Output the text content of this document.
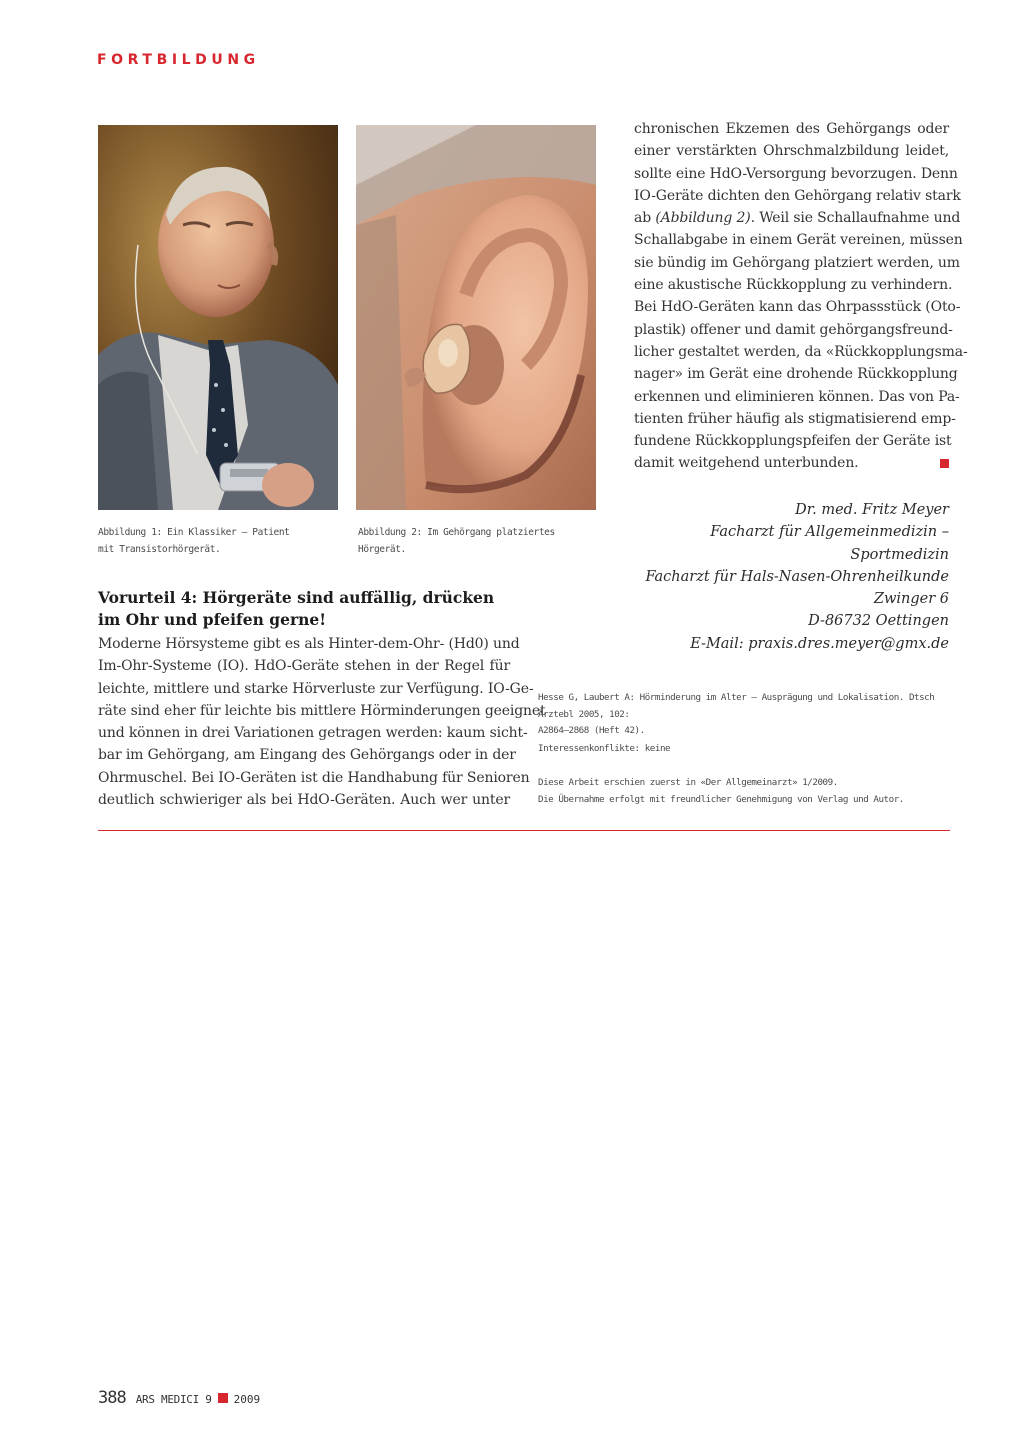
FORTBILDUNG
Abbildung 1: Ein Klassiker – Patient mit Transistorhörgerät.
Abbildung 2: Im Gehörgang platziertes Hörgerät.
Vorurteil 4: Hörgeräte sind auffällig, drücken im Ohr und pfeifen gerne!
Moderne Hörsysteme gibt es als Hinter-dem-Ohr- (Hd0) und
Im-Ohr-Systeme (IO). HdO-Geräte stehen in der Regel für
leichte, mittlere und starke Hörverluste zur Verfügung. IO-Ge-
räte sind eher für leichte bis mittlere Hörminderungen geeignet
und können in drei Variationen getragen werden: kaum sicht-
bar im Gehörgang, am Eingang des Gehörgangs oder in der
Ohrmuschel. Bei IO-Geräten ist die Handhabung für Senioren
deutlich schwieriger als bei HdO-Geräten. Auch wer unter
chronischen Ekzemen des Gehörgangs oder
einer verstärkten Ohrschmalzbildung leidet,
sollte eine HdO-Versorgung bevorzugen. Denn
IO-Geräte dichten den Gehörgang relativ stark
ab (Abbildung 2). Weil sie Schallaufnahme und
Schallabgabe in einem Gerät vereinen, müssen
sie bündig im Gehörgang platziert werden, um
eine akustische Rückkopplung zu verhindern.
Bei HdO-Geräten kann das Ohrpassstück (Oto-
plastik) offener und damit gehörgangsfreund-
licher gestaltet werden, da «Rückkopplungsma-
nager» im Gerät eine drohende Rückkopplung
erkennen und eliminieren können. Das von Pa-
tienten früher häufig als stigmatisierend emp-
fundene Rückkopplungspfeifen der Geräte ist
damit weitgehend unterbunden.
Dr. med. Fritz Meyer
Facharzt für Allgemeinmedizin –
Sportmedizin
Facharzt für Hals-Nasen-Ohrenheilkunde
Zwinger 6
D-86732 Oettingen
E-Mail: praxis.dres.meyer@gmx.de
Hesse G, Laubert A: Hörminderung im Alter – Ausprägung und Lokalisation. Dtsch Ärztebl 2005, 102:
A2864–2868 (Heft 42).
Interessenkonflikte: keine
Diese Arbeit erschien zuerst in «Der Allgemeinarzt» 1/2009.
Die Übernahme erfolgt mit freundlicher Genehmigung von Verlag und Autor.
388 ARS MEDICI 9 2009
